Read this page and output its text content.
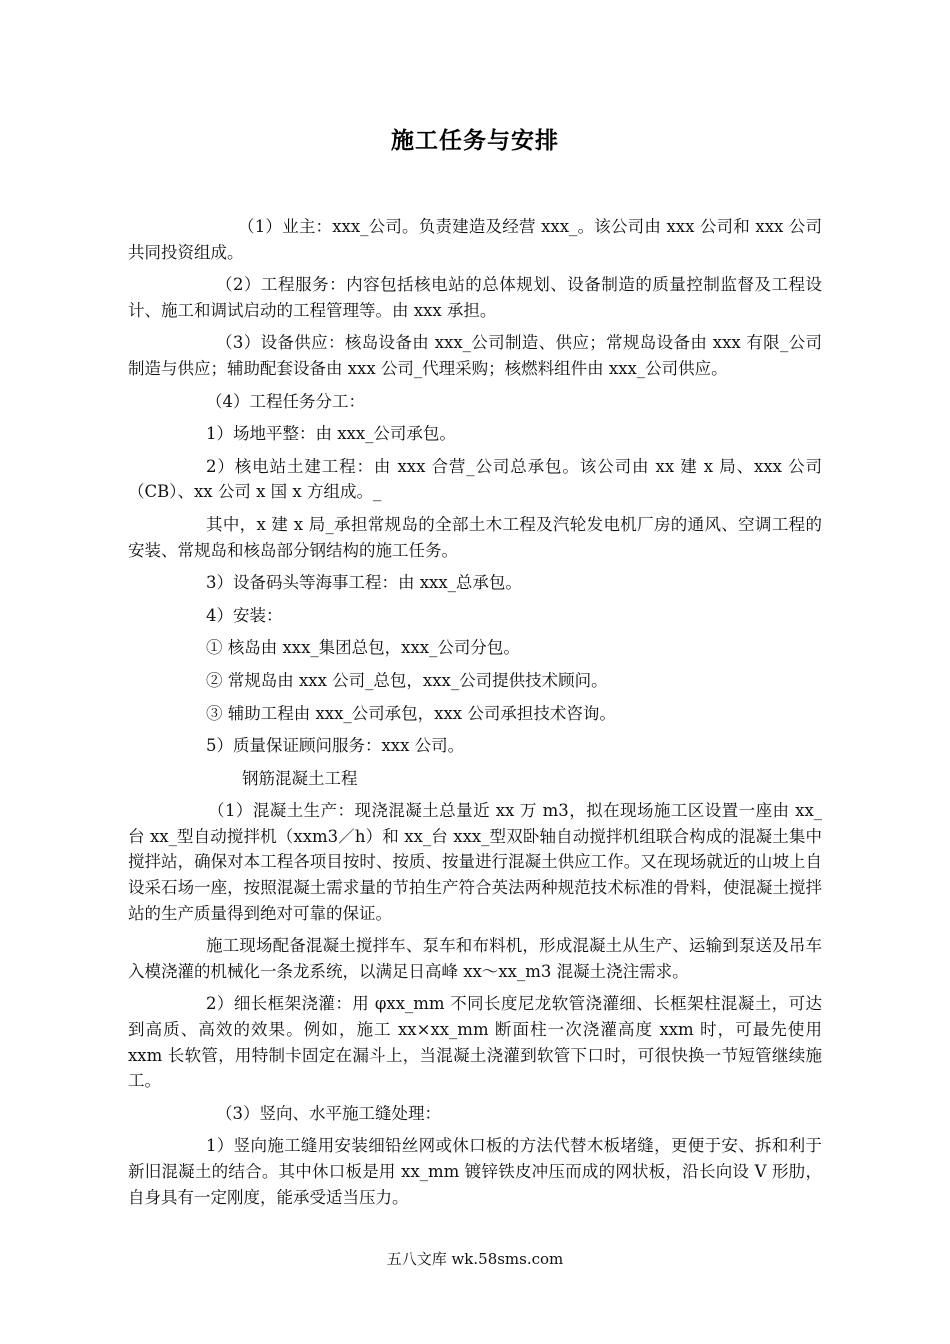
施工任务与安排

（1）业主：xxx_公司。负责建造及经营 xxx_。该公司由 xxx 公司和 xxx 公司共同投资组成。

（2）工程服务：内容包括核电站的总体规划、设备制造的质量控制监督及工程设计、施工和调试启动的工程管理等。由 xxx 承担。

（3）设备供应：核岛设备由 xxx_公司制造、供应；常规岛设备由 xxx 有限_公司制造与供应；辅助配套设备由 xxx 公司_代理采购；核燃料组件由 xxx_公司供应。

（4）工程任务分工：

1）场地平整：由 xxx_公司承包。

2）核电站土建工程：由 xxx 合营_公司总承包。该公司由 xx 建 x 局、xxx 公司（CB）、xx 公司 x 国 x 方组成。_

其中，x 建 x 局_承担常规岛的全部土木工程及汽轮发电机厂房的通风、空调工程的安装、常规岛和核岛部分钢结构的施工任务。

3）设备码头等海事工程：由 xxx_总承包。

4）安装：

① 核岛由 xxx_集团总包，xxx_公司分包。

② 常规岛由 xxx 公司_总包，xxx_公司提供技术顾问。

③ 辅助工程由 xxx_公司承包，xxx 公司承担技术咨询。

5）质量保证顾问服务：xxx 公司。

钢筋混凝土工程

（1）混凝土生产：现浇混凝土总量近 xx 万 m3，拟在现场施工区设置一座由 xx_台 xx_型自动搅拌机（xxm3／h）和 xx_台 xxx_型双卧轴自动搅拌机组联合构成的混凝土集中搅拌站，确保对本工程各项目按时、按质、按量进行混凝土供应工作。又在现场就近的山坡上自设采石场一座，按照混凝土需求量的节拍生产符合英法两种规范技术标准的骨料，使混凝土搅拌站的生产质量得到绝对可靠的保证。

施工现场配备混凝土搅拌车、泵车和布料机，形成混凝土从生产、运输到泵送及吊车入模浇灌的机械化一条龙系统，以满足日高峰 xx～xx_m3 混凝土浇注需求。

2）细长框架浇灌：用 φxx_mm 不同长度尼龙软管浇灌细、长框架柱混凝土，可达到高质、高效的效果。例如，施工 xx×xx_mm 断面柱一次浇灌高度 xxm 时，可最先使用 xxm 长软管，用特制卡固定在漏斗上，当混凝土浇灌到软管下口时，可很快换一节短管继续施工。

（3）竖向、水平施工缝处理：

1）竖向施工缝用安装细铅丝网或休口板的方法代替木板堵缝，更便于安、拆和利于新旧混凝土的结合。其中休口板是用 xx_mm 镀锌铁皮冲压而成的网状板，沿长向设 V 形肋，自身具有一定刚度，能承受适当压力。

五八文库 wk.58sms.com
